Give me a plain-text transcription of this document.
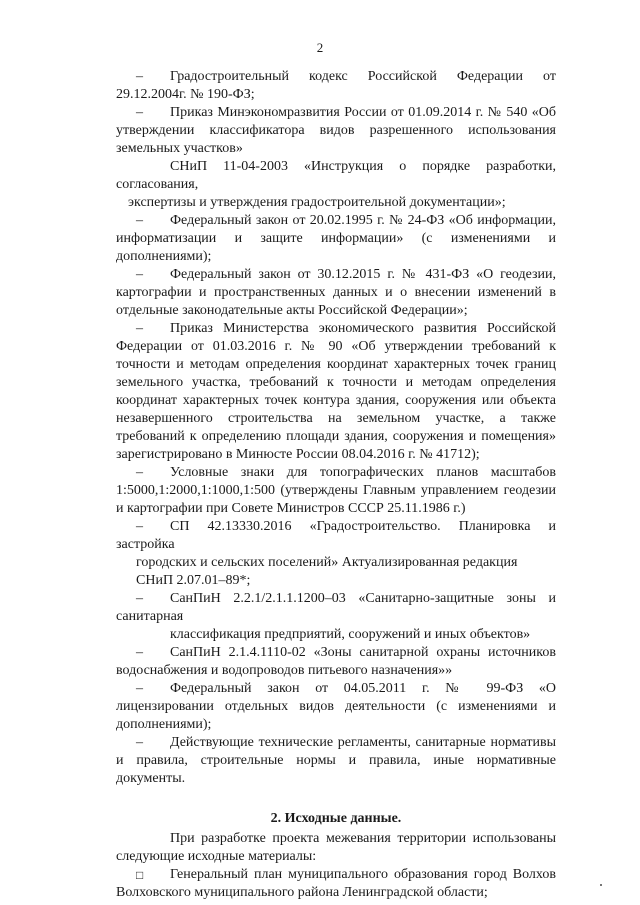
2

– Градостроительный кодекс Российской Федерации от 29.12.2004г. № 190-ФЗ;

– Приказ Минэкономразвития России от 01.09.2014 г. № 540 «Об утверждении классификатора видов разрешенного использования земельных участков»

СНиП 11-04-2003 «Инструкция о порядке разработки, согласования,

экспертизы и утверждения градостроительной документации»;

– Федеральный закон от 20.02.1995 г. № 24-ФЗ «Об информации, информатизации и защите информации» (с изменениями и дополнениями);

– Федеральный закон от 30.12.2015 г. № 431-ФЗ «О геодезии, картографии и пространственных данных и о внесении изменений в отдельные законодательные акты Российской Федерации»;

– Приказ Министерства экономического развития Российской Федерации от 01.03.2016 г. № 90 «Об утверждении требований к точности и методам определения координат характерных точек границ земельного участка, требований к точности и методам определения координат характерных точек контура здания, сооружения или объекта незавершенного строительства на земельном участке, а также требований к определению площади здания, сооружения и помещения» зарегистрировано в Минюсте России 08.04.2016 г. № 41712);

– Условные знаки для топографических планов масштабов 1:5000,1:2000,1:1000,1:500 (утверждены Главным управлением геодезии и картографии при Совете Министров СССР 25.11.1986 г.)

– СП 42.13330.2016 «Градостроительство. Планировка и застройка

городских и сельских поселений» Актуализированная редакция

СНиП 2.07.01–89*;

– СанПиН 2.2.1/2.1.1.1200–03 «Санитарно-защитные зоны и санитарная

классификация предприятий, сооружений и иных объектов»

– СанПиН 2.1.4.1110-02 «Зоны санитарной охраны источников водоснабжения и водопроводов питьевого назначения»»

– Федеральный закон от 04.05.2011 г. № 99-ФЗ «О лицензировании отдельных видов деятельности (с изменениями и дополнениями);

– Действующие технические регламенты, санитарные нормативы и правила, строительные нормы и правила, иные нормативные документы.

2. Исходные данные.

При разработке проекта межевания территории использованы следующие исходные материалы:

□ Генеральный план муниципального образования город Волхов Волховского муниципального района Ленинградской области;
